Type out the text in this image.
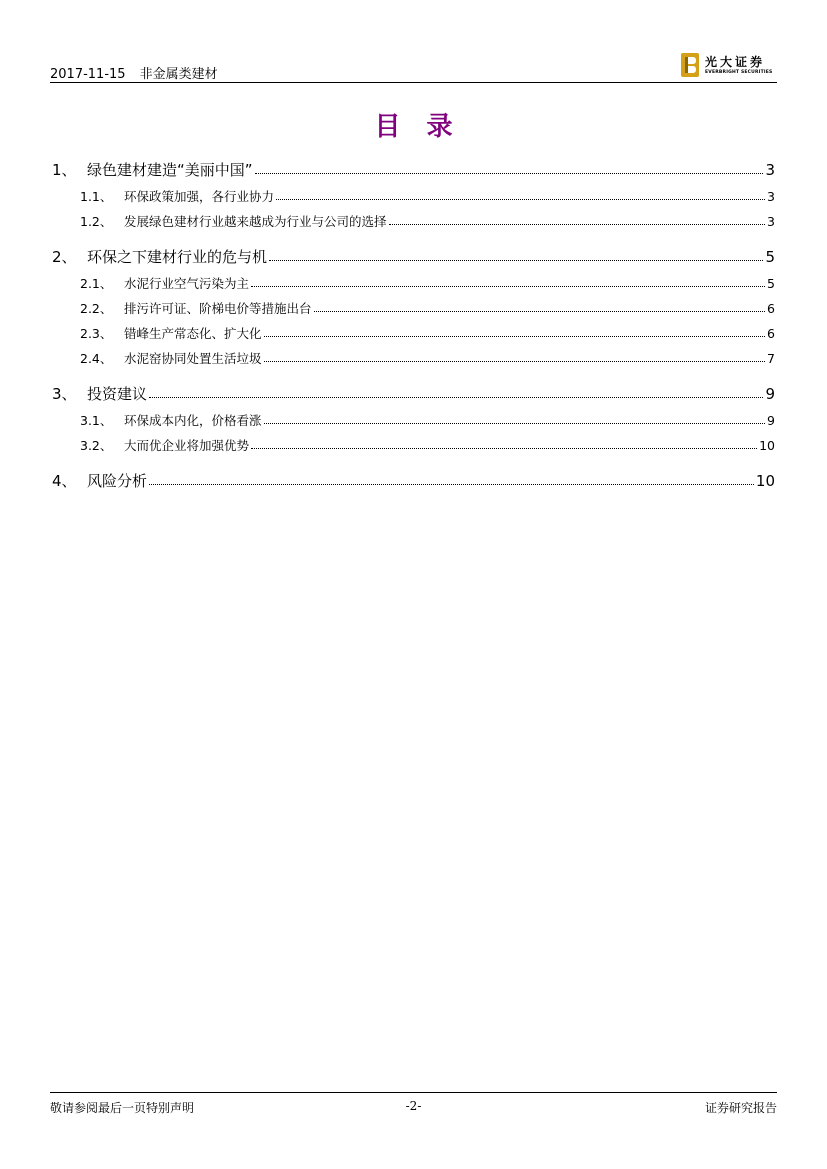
2017-11-15 非金属类建材
光大证券
EVERBRIGHT SECURITIES
目录
1、 绿色建材建造“美丽中国”	3
1.1、 环保政策加强，各行业协力	3
1.2、 发展绿色建材行业越来越成为行业与公司的选择	3
2、 环保之下建材行业的危与机	5
2.1、 水泥行业空气污染为主	5
2.2、 排污许可证、阶梯电价等措施出台	6
2.3、 错峰生产常态化、扩大化	6
2.4、 水泥窑协同处置生活垃圾	7
3、 投资建议	9
3.1、 环保成本内化，价格看涨	9
3.2、 大而优企业将加强优势	10
4、 风险分析	10
敬请参阅最后一页特别声明	-2-	证券研究报告
